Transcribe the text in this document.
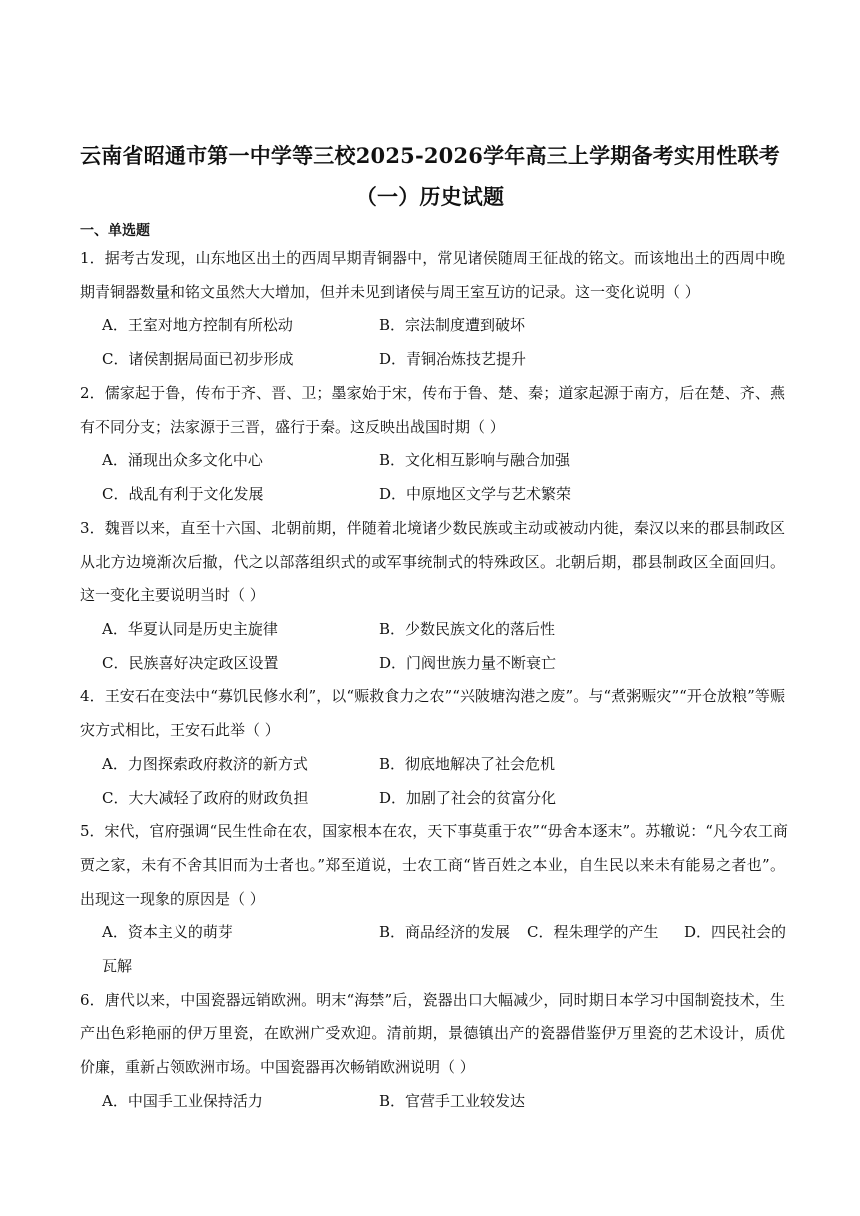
云南省昭通市第一中学等三校2025-2026学年高三上学期备考实用性联考
（一）历史试题
一、单选题
1．据考古发现，山东地区出土的西周早期青铜器中，常见诸侯随周王征战的铭文。而该地出土的西周中晚
期青铜器数量和铭文虽然大大增加，但并未见到诸侯与周王室互访的记录。这一变化说明（ ）
A．王室对地方控制有所松动	B．宗法制度遭到破坏
C．诸侯割据局面已初步形成	D．青铜冶炼技艺提升
2．儒家起于鲁，传布于齐、晋、卫；墨家始于宋，传布于鲁、楚、秦；道家起源于南方，后在楚、齐、燕
有不同分支；法家源于三晋，盛行于秦。这反映出战国时期（ ）
A．涌现出众多文化中心	B．文化相互影响与融合加强
C．战乱有利于文化发展	D．中原地区文学与艺术繁荣
3．魏晋以来，直至十六国、北朝前期，伴随着北境诸少数民族或主动或被动内徙，秦汉以来的郡县制政区
从北方边境渐次后撤，代之以部落组织式的或军事统制式的特殊政区。北朝后期，郡县制政区全面回归。
这一变化主要说明当时（ ）
A．华夏认同是历史主旋律	B．少数民族文化的落后性
C．民族喜好决定政区设置	D．门阀世族力量不断衰亡
4．王安石在变法中“募饥民修水利”，以“赈救食力之农”“兴陂塘沟港之废”。与“煮粥赈灾”“开仓放粮”等赈
灾方式相比，王安石此举（ ）
A．力图探索政府救济的新方式	B．彻底地解决了社会危机
C．大大减轻了政府的财政负担	D．加剧了社会的贫富分化
5．宋代，官府强调“民生性命在农，国家根本在农，天下事莫重于农”“毋舍本逐末”。苏辙说：“凡今农工商
贾之家，未有不舍其旧而为士者也。”郑至道说，士农工商“皆百姓之本业，自生民以来未有能易之者也”。
出现这一现象的原因是（ ）
A．资本主义的萌芽	B．商品经济的发展 C．程朱理学的产生 D．四民社会的
瓦解
6．唐代以来，中国瓷器远销欧洲。明末“海禁”后，瓷器出口大幅减少，同时期日本学习中国制瓷技术，生
产出色彩艳丽的伊万里瓷，在欧洲广受欢迎。清前期，景德镇出产的瓷器借鉴伊万里瓷的艺术设计，质优
价廉，重新占领欧洲市场。中国瓷器再次畅销欧洲说明（ ）
A．中国手工业保持活力	B．官营手工业较发达
